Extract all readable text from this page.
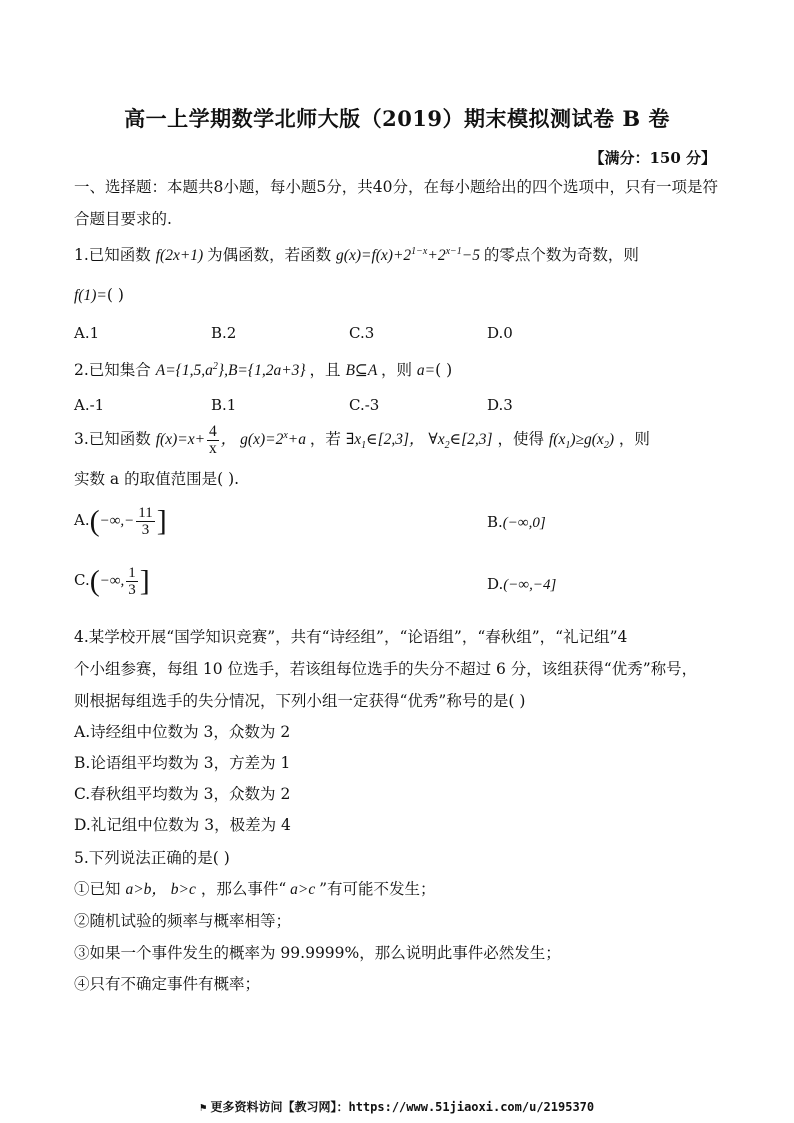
高一上学期数学北师大版（2019）期末模拟测试卷 B 卷
【满分：150 分】
一、选择题：本题共8小题，每小题5分，共40分，在每小题给出的四个选项中，只有一项是符
合题目要求的.
1.已知函数 f(2x+1) 为偶函数，若函数 $g(x)=f(x)+2^{1-x}+2^{x-1}-5$ 的零点个数为奇数，则
f(1)=( )
A.1	B.2	C.3	D.0
2.已知集合 $A=\{1,5,a^2\},B=\{1,2a+3\}$ ，且 B⊆A ，则 a=( )
A.-1	B.1	C.-3	D.3
3.已知函数 $f(x)=x+ \frac{4}{x}$ ， $g(x)=2^x+a$ ，若 $\exists x_1\in[2,3]$， $\forall x_2\in[2,3]$ ，使得 $f(x_1)\ge g(x_2)$ ，则
实数 a 的取值范围是( ).
$A.(-\infty,- \frac{11}{3}$ ]	B.(−∞,0]
C.(−∞, $\frac{1}{3}$ ]	D.(−∞,−4]
4.某学校开展“国学知识竞赛”，共有“诗经组”，“论语组”，“春秋组”，“礼记组”4
个小组参赛，每组 10 位选手，若该组每位选手的失分不超过 6 分，该组获得“优秀”称号，
则根据每组选手的失分情况，下列小组一定获得“优秀”称号的是( )
A.诗经组中位数为 3，众数为 2
B.论语组平均数为 3，方差为 1
C.春秋组平均数为 3，众数为 2
D.礼记组中位数为 3，极差为 4
5.下列说法正确的是( )
①已知 a>b， b>c ，那么事件“ a>c ”有可能不发生；
②随机试验的频率与概率相等；
③如果一个事件发生的概率为 99.9999%，那么说明此事件必然发生；
④只有不确定事件有概率；
⚑ 更多资料访问【教习网】：https://www.51jiaoxi.com/u/2195370
